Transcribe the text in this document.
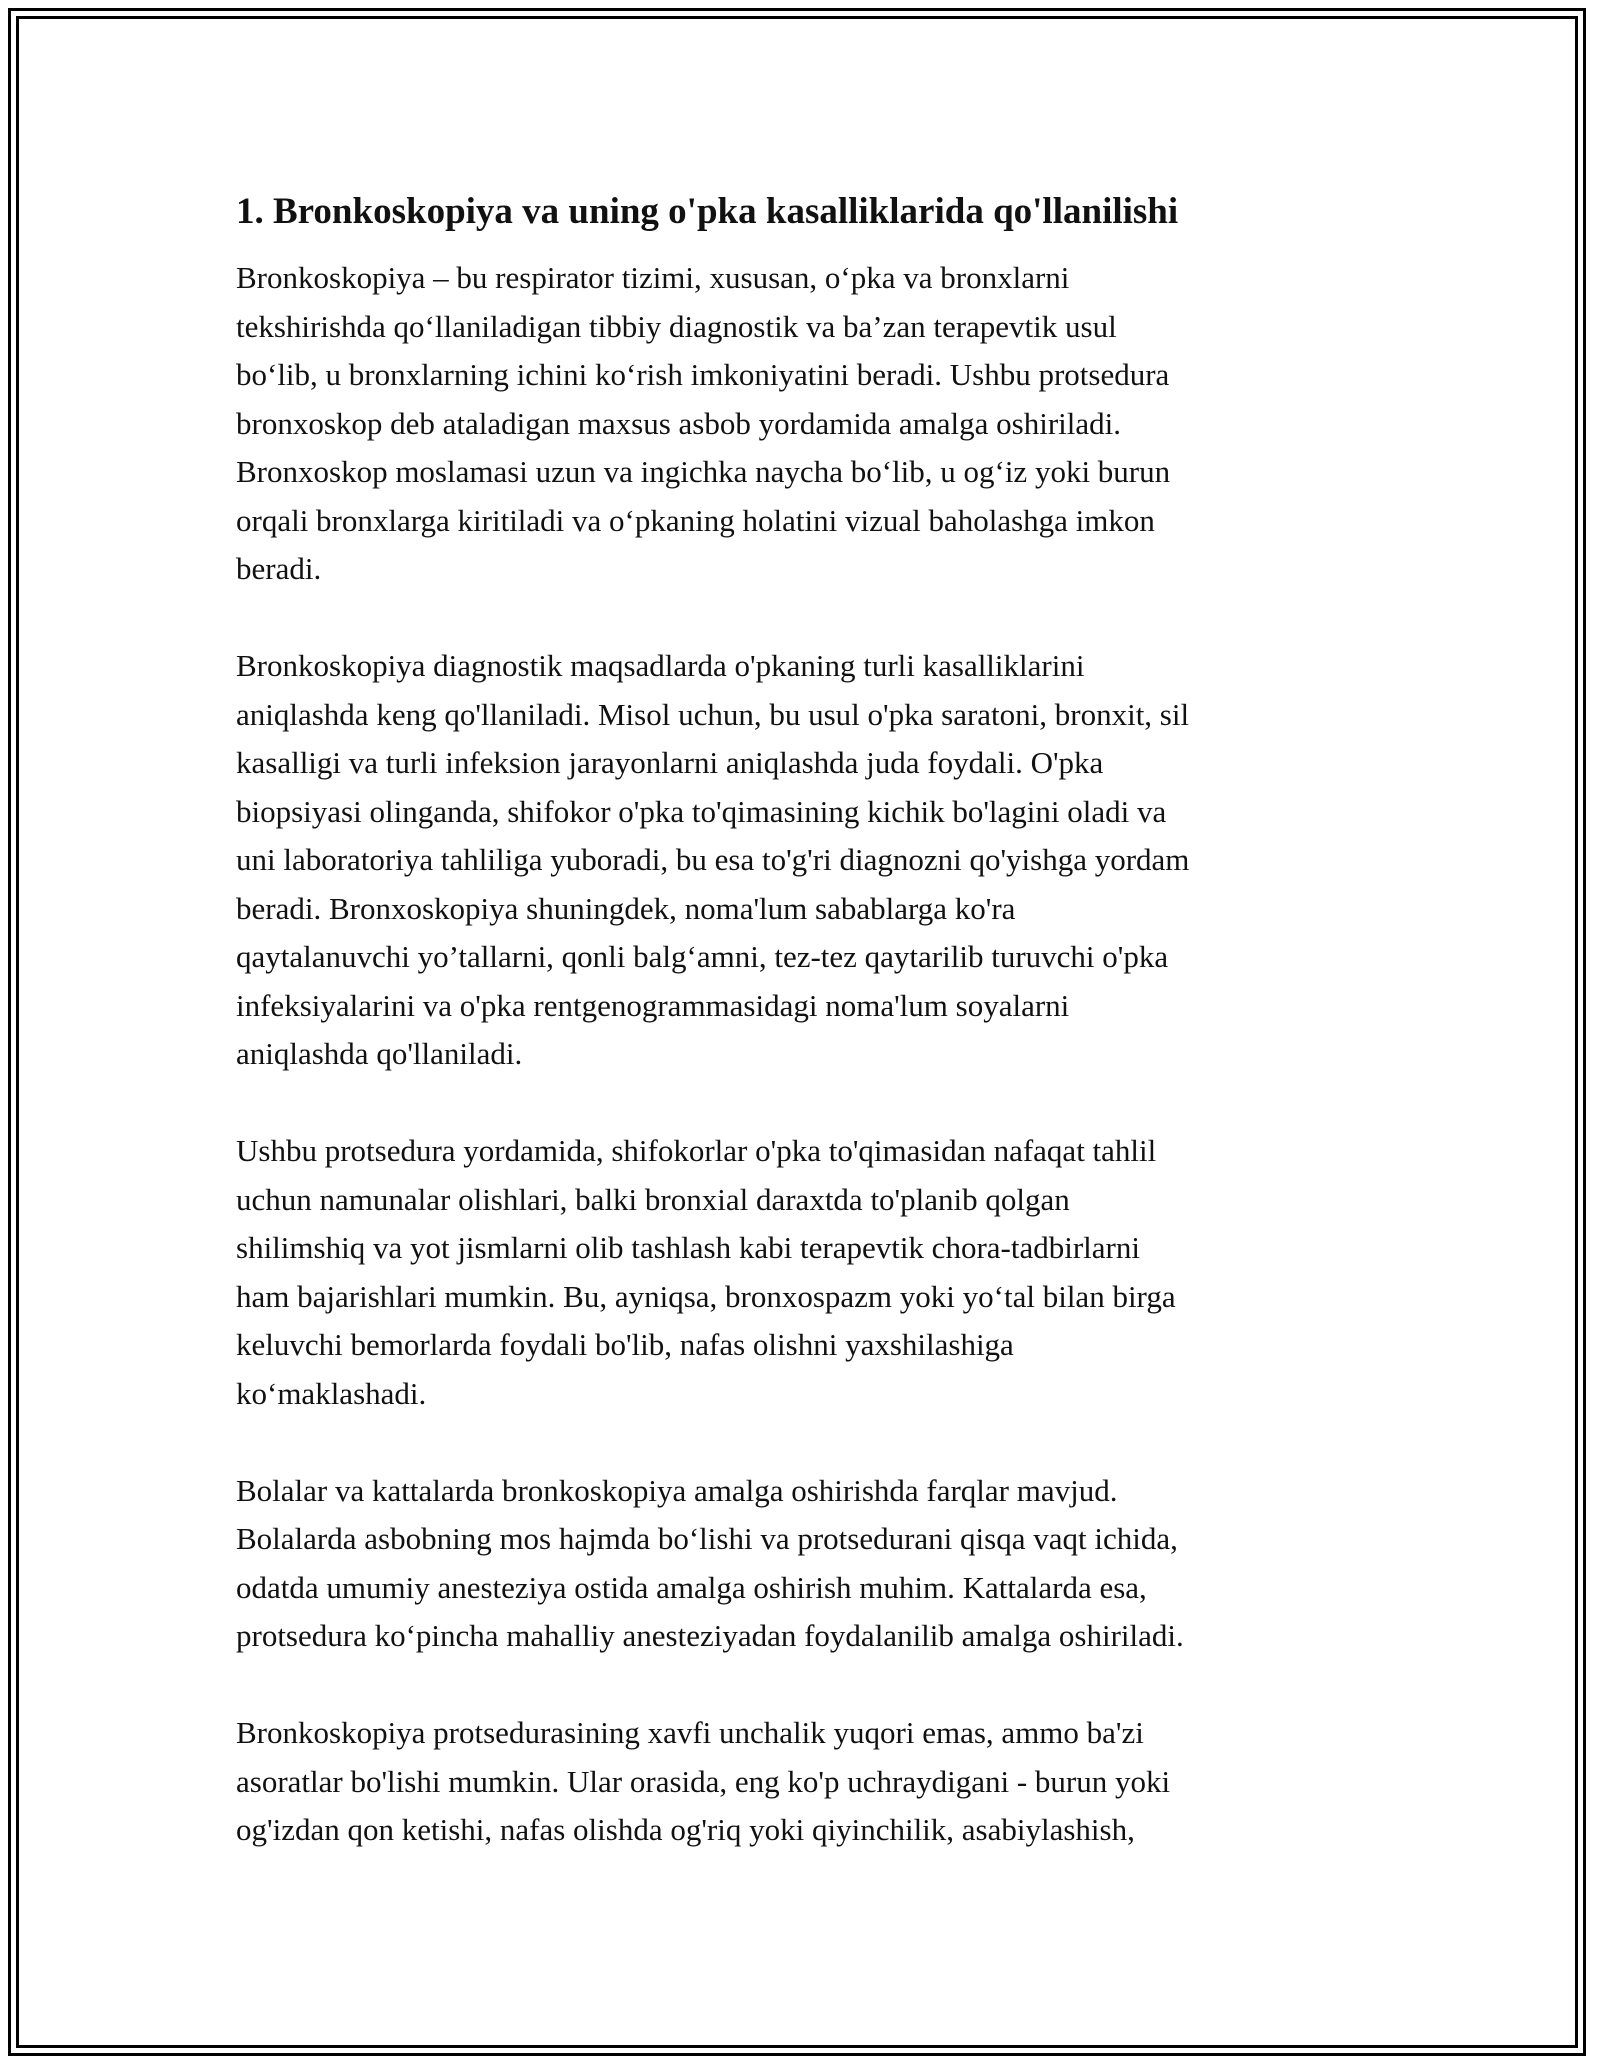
1. Bronkoskopiya va uning o'pka kasalliklarida qo'llanilishi

Bronkoskopiya – bu respirator tizimi, xususan, o‘pka va bronxlarni
tekshirishda qo‘llaniladigan tibbiy diagnostik va ba’zan terapevtik usul
bo‘lib, u bronxlarning ichini ko‘rish imkoniyatini beradi. Ushbu protsedura
bronxoskop deb ataladigan maxsus asbob yordamida amalga oshiriladi.
Bronxoskop moslamasi uzun va ingichka naycha bo‘lib, u og‘iz yoki burun
orqali bronxlarga kiritiladi va o‘pkaning holatini vizual baholashga imkon
beradi.

Bronkoskopiya diagnostik maqsadlarda o'pkaning turli kasalliklarini
aniqlashda keng qo'llaniladi. Misol uchun, bu usul o'pka saratoni, bronxit, sil
kasalligi va turli infeksion jarayonlarni aniqlashda juda foydali. O'pka
biopsiyasi olinganda, shifokor o'pka to'qimasining kichik bo'lagini oladi va
uni laboratoriya tahliliga yuboradi, bu esa to'g'ri diagnozni qo'yishga yordam
beradi. Bronxoskopiya shuningdek, noma'lum sabablarga ko'ra
qaytalanuvchi yo’tallarni, qonli balg‘amni, tez-tez qaytarilib turuvchi o'pka
infeksiyalarini va o'pka rentgenogrammasidagi noma'lum soyalarni
aniqlashda qo'llaniladi.

Ushbu protsedura yordamida, shifokorlar o'pka to'qimasidan nafaqat tahlil
uchun namunalar olishlari, balki bronxial daraxtda to'planib qolgan
shilimshiq va yot jismlarni olib tashlash kabi terapevtik chora-tadbirlarni
ham bajarishlari mumkin. Bu, ayniqsa, bronxospazm yoki yo‘tal bilan birga
keluvchi bemorlarda foydali bo'lib, nafas olishni yaxshilashiga
ko‘maklashadi.

Bolalar va kattalarda bronkoskopiya amalga oshirishda farqlar mavjud.
Bolalarda asbobning mos hajmda bo‘lishi va protsedurani qisqa vaqt ichida,
odatda umumiy anesteziya ostida amalga oshirish muhim. Kattalarda esa,
protsedura ko‘pincha mahalliy anesteziyadan foydalanilib amalga oshiriladi.

Bronkoskopiya protsedurasining xavfi unchalik yuqori emas, ammo ba'zi
asoratlar bo'lishi mumkin. Ular orasida, eng ko'p uchraydigani - burun yoki
og'izdan qon ketishi, nafas olishda og'riq yoki qiyinchilik, asabiylashish,
